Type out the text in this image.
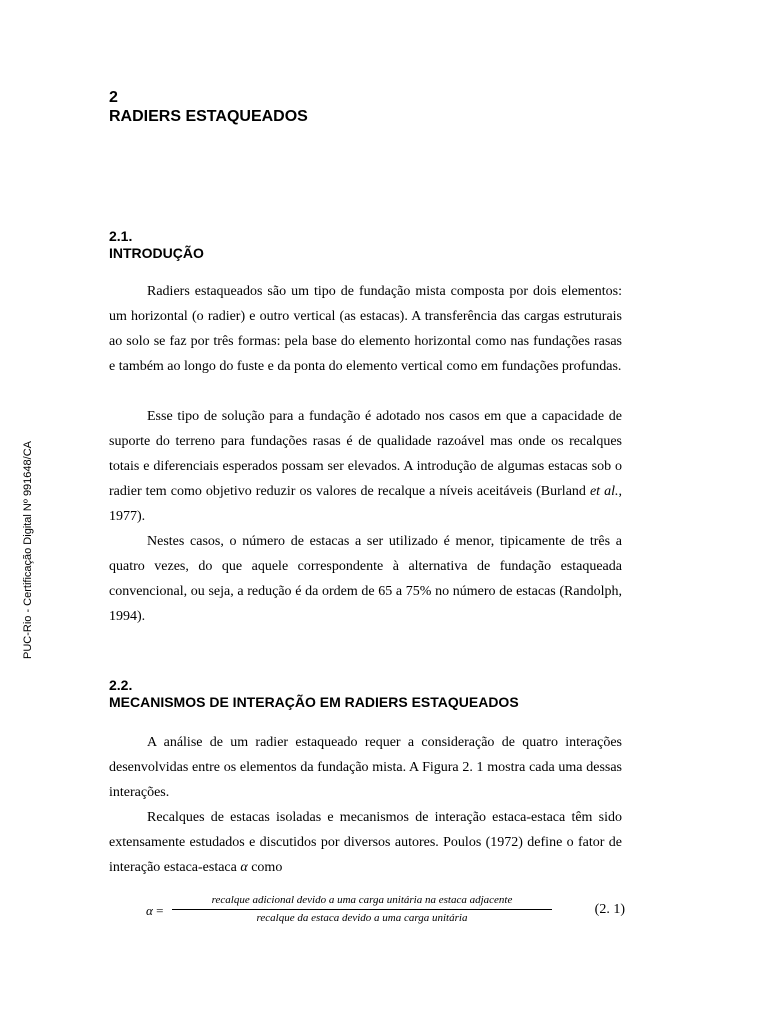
PUC-Rio - Certificação Digital Nº 991648/CA
2
RADIERS ESTAQUEADOS
2.1.
INTRODUÇÃO

Radiers estaqueados são um tipo de fundação mista composta por dois elementos: um horizontal (o radier) e outro vertical (as estacas). A transferência das cargas estruturais ao solo se faz por três formas: pela base do elemento horizontal como nas fundações rasas e também ao longo do fuste e da ponta do elemento vertical como em fundações profundas.

Esse tipo de solução para a fundação é adotado nos casos em que a capacidade de suporte do terreno para fundações rasas é de qualidade razoável mas onde os recalques totais e diferenciais esperados possam ser elevados. A introdução de algumas estacas sob o radier tem como objetivo reduzir os valores de recalque a níveis aceitáveis (Burland et al., 1977).

Nestes casos, o número de estacas a ser utilizado é menor, tipicamente de três a quatro vezes, do que aquele correspondente à alternativa de fundação estaqueada convencional, ou seja, a redução é da ordem de 65 a 75% no número de estacas (Randolph, 1994).

2.2.
MECANISMOS DE INTERAÇÃO EM RADIERS ESTAQUEADOS

A análise de um radier estaqueado requer a consideração de quatro interações desenvolvidas entre os elementos da fundação mista. A Figura 2. 1 mostra cada uma dessas interações.

Recalques de estacas isoladas e mecanismos de interação estaca-estaca têm sido extensamente estudados e discutidos por diversos autores. Poulos (1972) define o fator de interação estaca-estaca α como

α =
recalque adicional devido a uma carga unitária na estaca adjacente
recalque da estaca devido a uma carga unitária
(2. 1)
